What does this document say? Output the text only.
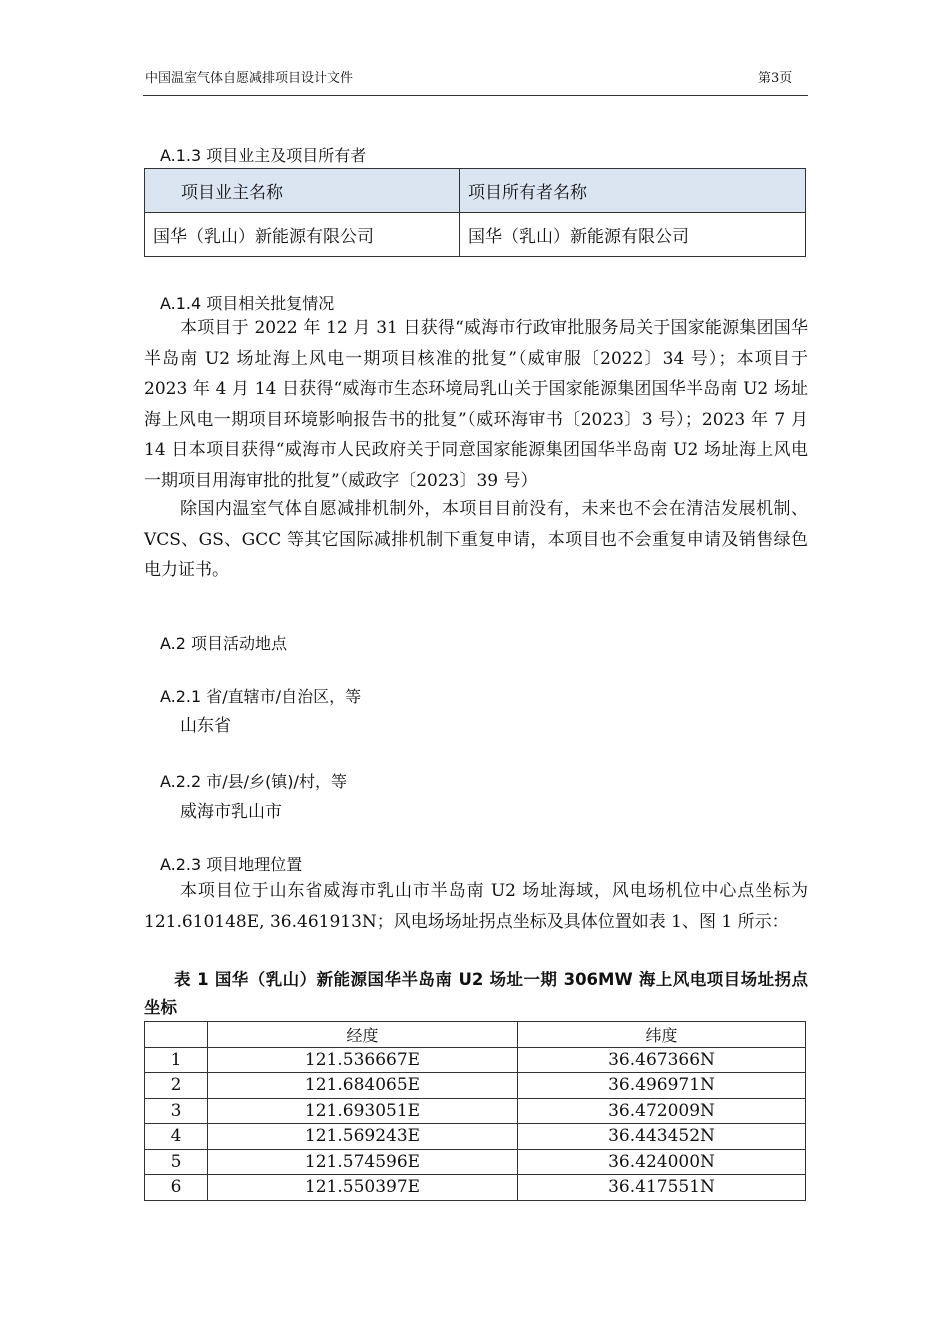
中国温室气体自愿减排项目设计文件	第3页
A.1.3 项目业主及项目所有者
项目业主名称	项目所有者名称
国华（乳山）新能源有限公司	国华（乳山）新能源有限公司
A.1.4 项目相关批复情况
本项目于 2022 年 12 月 31 日获得“威海市行政审批服务局关于国家能源集团国华半岛南 U2 场址海上风电一期项目核准的批复”（威审服〔2022〕34 号）；本项目于 2023 年 4 月 14 日获得“威海市生态环境局乳山关于国家能源集团国华半岛南 U2 场址海上风电一期项目环境影响报告书的批复”（威环海审书〔2023〕3 号）；2023 年 7 月 14 日本项目获得“威海市人民政府关于同意国家能源集团国华半岛南 U2 场址海上风电一期项目用海审批的批复”（威政字〔2023〕39 号）
除国内温室气体自愿减排机制外，本项目目前没有，未来也不会在清洁发展机制、VCS、GS、GCC 等其它国际减排机制下重复申请，本项目也不会重复申请及销售绿色电力证书。
A.2 项目活动地点
A.2.1 省/直辖市/自治区，等
山东省
A.2.2 市/县/乡(镇)/村，等
威海市乳山市
A.2.3 项目地理位置
本项目位于山东省威海市乳山市半岛南 U2 场址海域，风电场机位中心点坐标为 121.610148E, 36.461913N；风电场场址拐点坐标及具体位置如表 1、图 1 所示：
表 1 国华（乳山）新能源国华半岛南 U2 场址一期 306MW 海上风电项目场址拐点坐标
	经度	纬度
1	121.536667E	36.467366N
2	121.684065E	36.496971N
3	121.693051E	36.472009N
4	121.569243E	36.443452N
5	121.574596E	36.424000N
6	121.550397E	36.417551N
